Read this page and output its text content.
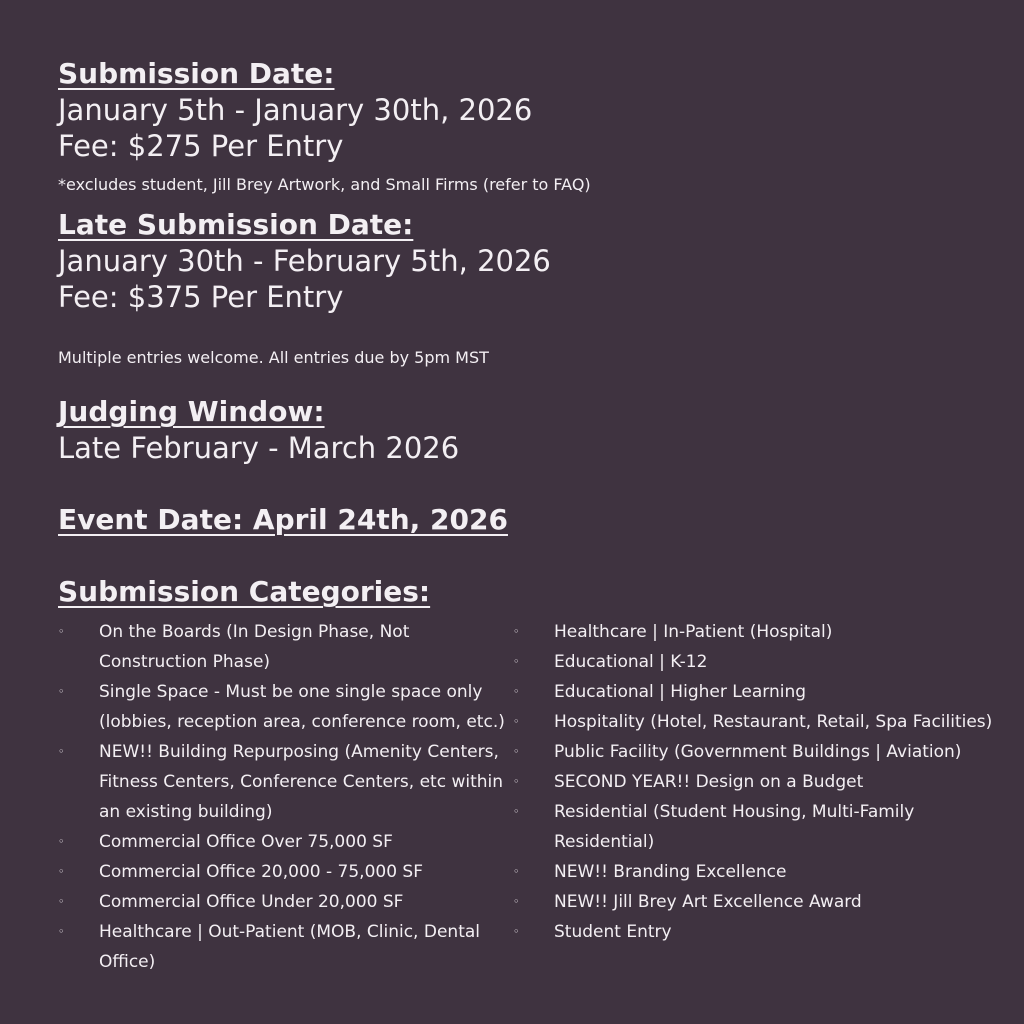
Submission Date:

January 5th - January 30th, 2026

Fee: $275 Per Entry

*excludes student, Jill Brey Artwork, and Small Firms (refer to FAQ)

Late Submission Date:

January 30th - February 5th, 2026

Fee: $375 Per Entry

Multiple entries welcome. All entries due by 5pm MST

Judging Window:

Late February - March 2026

Event Date: April 24th, 2026
Submission Categories:
◦ On the Boards (In Design Phase, Not Construction Phase)
◦ Single Space - Must be one single space only (lobbies, reception area, conference room, etc.)
◦ NEW!! Building Repurposing (Amenity Centers, Fitness Centers, Conference Centers, etc within an existing building)
◦ Commercial Office Over 75,000 SF
◦ Commercial Office 20,000 - 75,000 SF
◦ Commercial Office Under 20,000 SF
◦ Healthcare | Out-Patient (MOB, Clinic, Dental Office)
◦ Healthcare | In-Patient (Hospital)
◦ Educational | K-12
◦ Educational | Higher Learning
◦ Hospitality (Hotel, Restaurant, Retail, Spa Facilities)
◦ Public Facility (Government Buildings | Aviation)
◦ SECOND YEAR!! Design on a Budget
◦ Residential (Student Housing, Multi-Family Residential)
◦ NEW!! Branding Excellence
◦ NEW!! Jill Brey Art Excellence Award
◦ Student Entry
